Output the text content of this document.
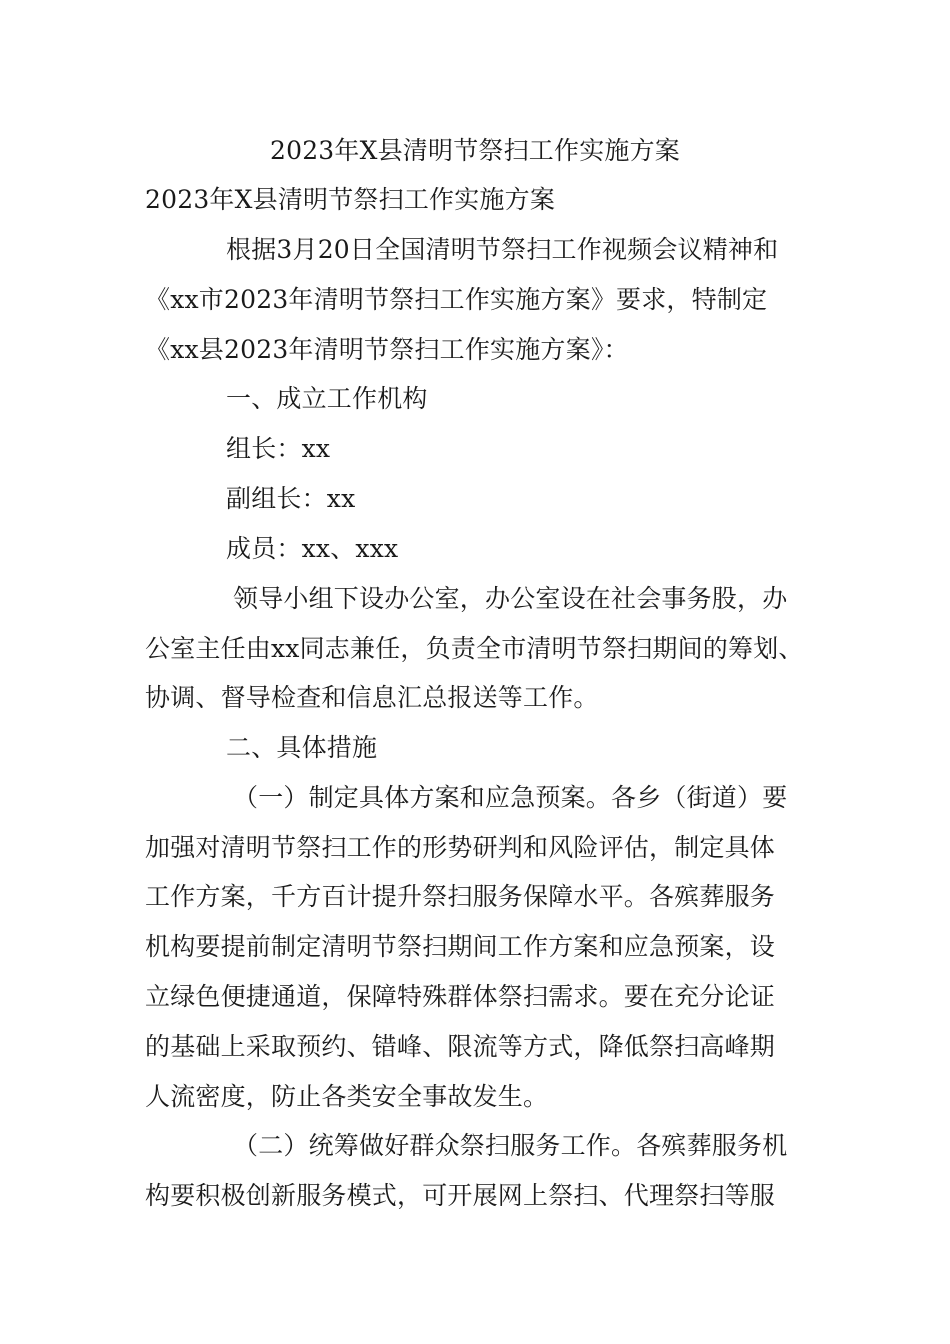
2023年X县清明节祭扫工作实施方案
2023年X县清明节祭扫工作实施方案
根据3月20日全国清明节祭扫工作视频会议精神和
《xx市2023年清明节祭扫工作实施方案》要求，特制定
《xx县2023年清明节祭扫工作实施方案》：
一、成立工作机构
组长：xx
副组长：xx
成员：xx、xxx
领导小组下设办公室，办公室设在社会事务股，办
公室主任由xx同志兼任，负责全市清明节祭扫期间的筹划、
协调、督导检查和信息汇总报送等工作。
二、具体措施
（一）制定具体方案和应急预案。各乡（街道）要
加强对清明节祭扫工作的形势研判和风险评估，制定具体
工作方案，千方百计提升祭扫服务保障水平。各殡葬服务
机构要提前制定清明节祭扫期间工作方案和应急预案，设
立绿色便捷通道，保障特殊群体祭扫需求。要在充分论证
的基础上采取预约、错峰、限流等方式，降低祭扫高峰期
人流密度，防止各类安全事故发生。
（二）统筹做好群众祭扫服务工作。各殡葬服务机
构要积极创新服务模式，可开展网上祭扫、代理祭扫等服
